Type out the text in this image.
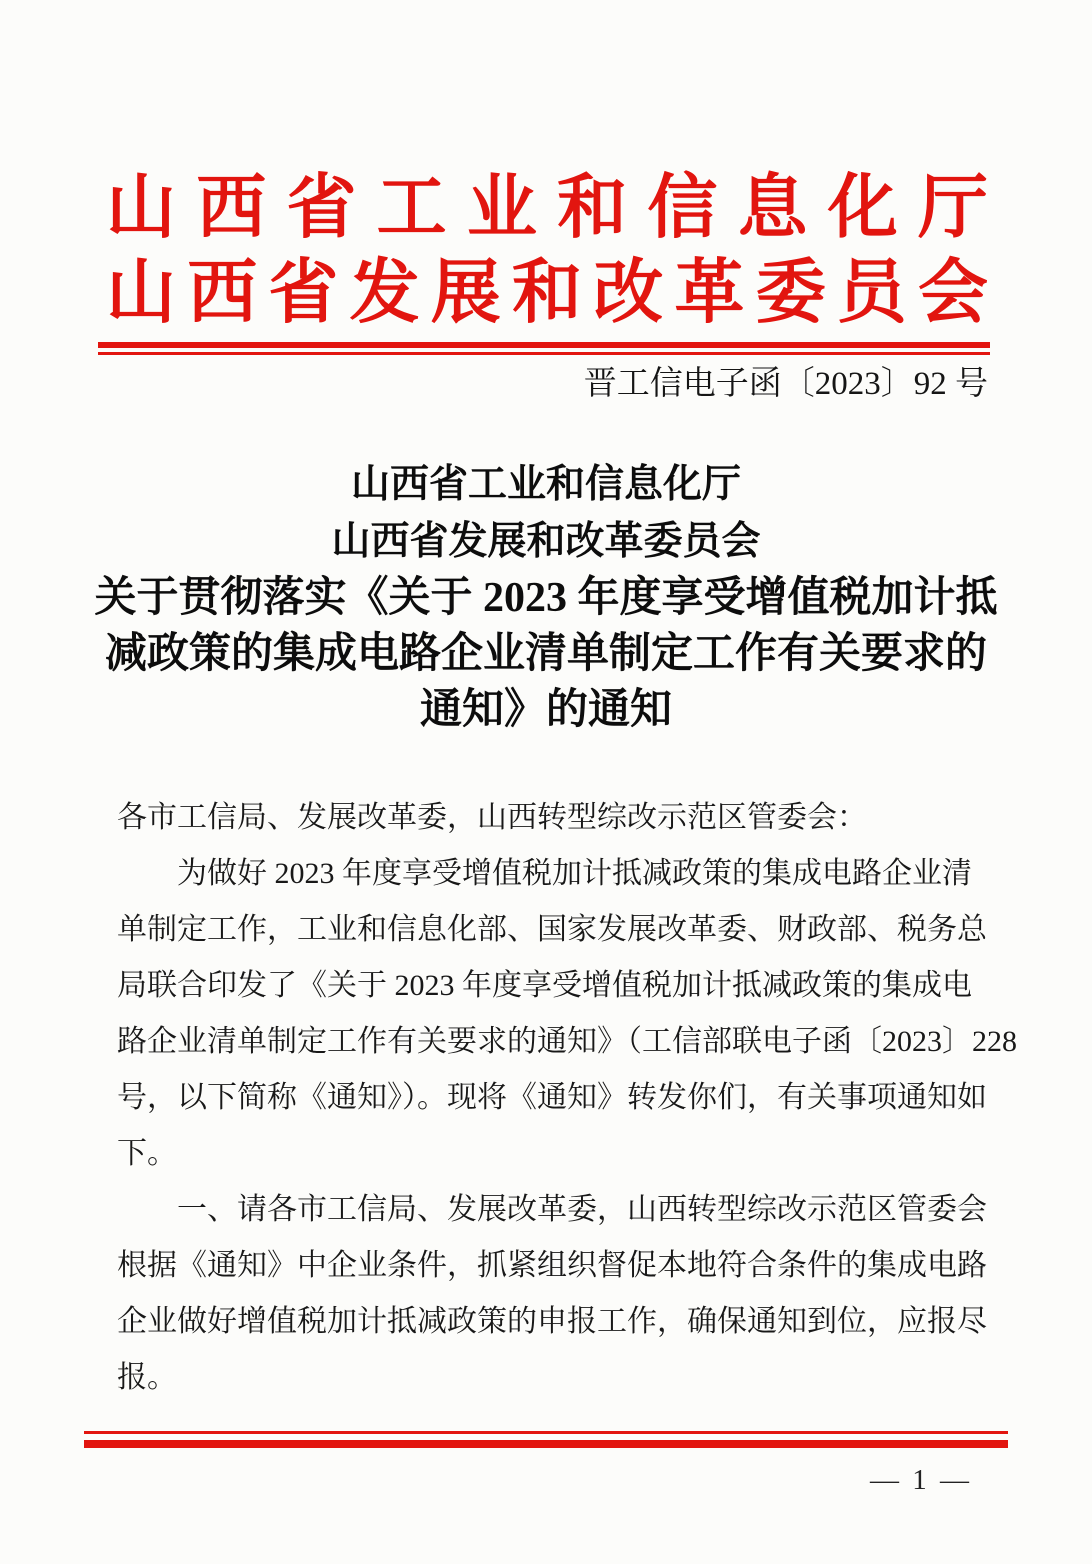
山西省工业和信息化厅
山西省发展和改革委员会
晋工信电子函〔2023〕92 号
山西省工业和信息化厅
山西省发展和改革委员会
关于贯彻落实《关于 2023 年度享受增值税加计抵
减政策的集成电路企业清单制定工作有关要求的
通知》的通知
各市工信局、发展改革委，山西转型综改示范区管委会：
　　为做好 2023 年度享受增值税加计抵减政策的集成电路企业清
单制定工作，工业和信息化部、国家发展改革委、财政部、税务总
局联合印发了《关于 2023 年度享受增值税加计抵减政策的集成电
路企业清单制定工作有关要求的通知》（工信部联电子函〔2023〕228
号，以下简称《通知》）。现将《通知》转发你们，有关事项通知如
下。
　　一、请各市工信局、发展改革委，山西转型综改示范区管委会
根据《通知》中企业条件，抓紧组织督促本地符合条件的集成电路
企业做好增值税加计抵减政策的申报工作，确保通知到位，应报尽
报。
— 1 —
